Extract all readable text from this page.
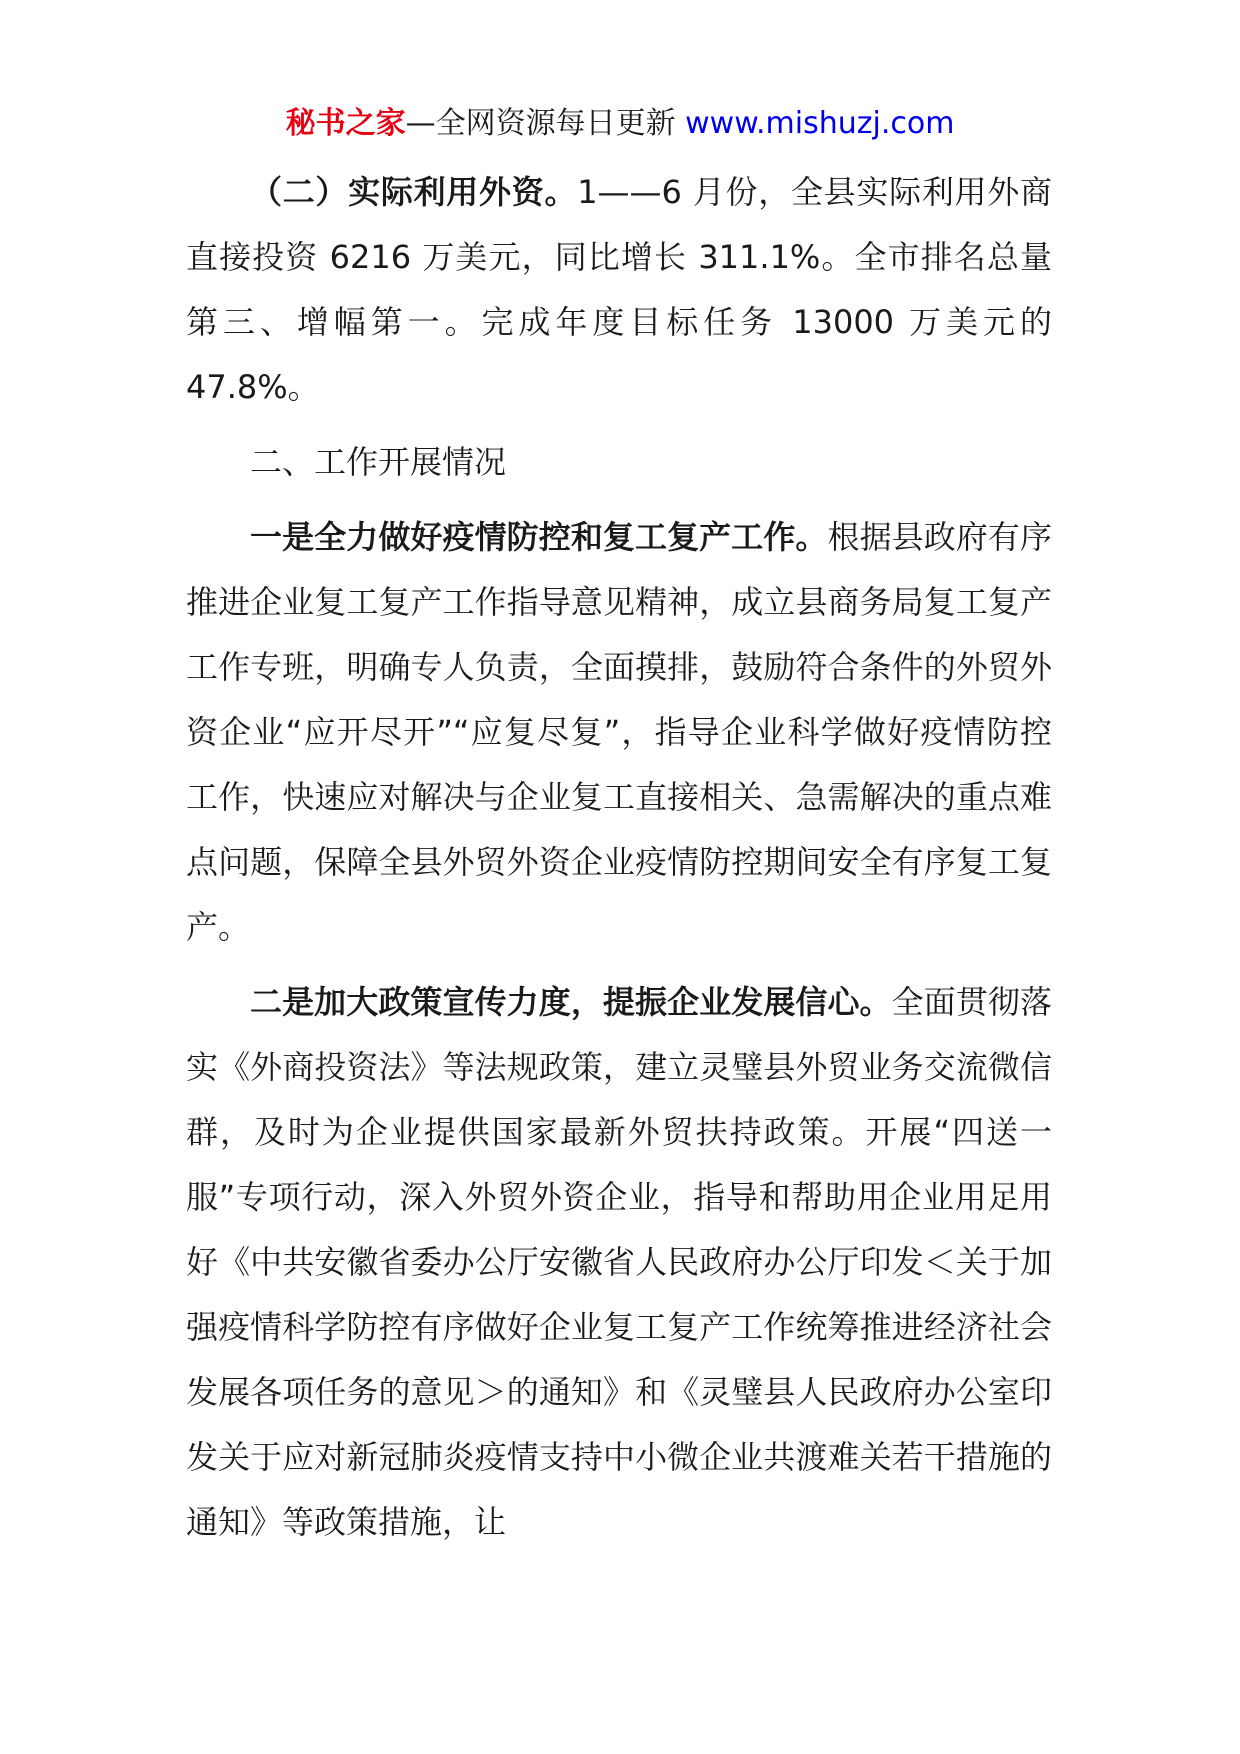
秘书之家—全网资源每日更新 www.mishuzj.com

（二）实际利用外资。1——6 月份，全县实际利用外商直接投资 6216 万美元，同比增长 311.1%。全市排名总量第三、增幅第一。完成年度目标任务 13000 万美元的 47.8%。

二、工作开展情况

一是全力做好疫情防控和复工复产工作。根据县政府有序推进企业复工复产工作指导意见精神，成立县商务局复工复产工作专班，明确专人负责，全面摸排，鼓励符合条件的外贸外资企业“应开尽开”“应复尽复”，指导企业科学做好疫情防控工作，快速应对解决与企业复工直接相关、急需解决的重点难点问题，保障全县外贸外资企业疫情防控期间安全有序复工复产。

二是加大政策宣传力度，提振企业发展信心。全面贯彻落实《外商投资法》等法规政策，建立灵璧县外贸业务交流微信群，及时为企业提供国家最新外贸扶持政策。开展“四送一服”专项行动，深入外贸外资企业，指导和帮助用企业用足用好《中共安徽省委办公厅安徽省人民政府办公厅印发＜关于加强疫情科学防控有序做好企业复工复产工作统筹推进经济社会发展各项任务的意见＞的通知》和《灵璧县人民政府办公室印发关于应对新冠肺炎疫情支持中小微企业共渡难关若干措施的通知》等政策措施，让
